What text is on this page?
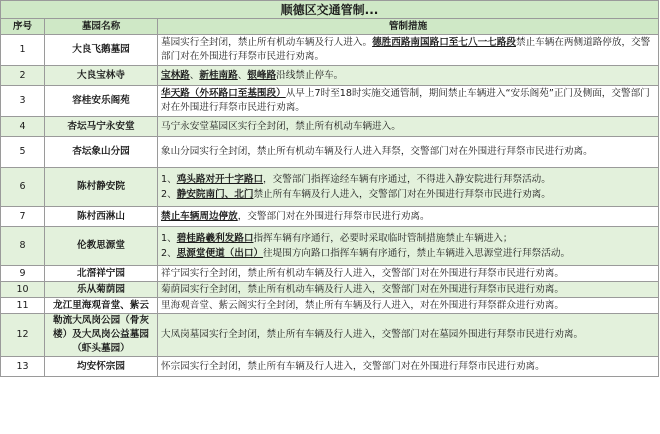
顺德区交通管制...		
序号	墓园名称	管制措施
1	大良飞鹅墓园	墓园实行全封闭，禁止所有机动车辆及行人进入。德胜西路南国路口至七八一七路段禁止车辆在两侧道路停放，交警部门对在外围进行拜祭市民进行劝离。
2	大良宝林寺	宝林路、新桂南路、银峰路沿线禁止停车。
3	容桂安乐阁苑	华天路（外环路口至基围段）从早上7时至18时实施交通管制，期间禁止车辆进入“安乐阁苑”正门及侧面，交警部门对在外围进行拜祭市民进行劝离。
4	杏坛马宁永安堂	马宁永安堂墓园区实行全封闭，禁止所有机动车辆进入。
5	杏坛象山分园	象山分园实行全封闭，禁止所有机动车辆及行人进入拜祭，交警部门对在外围进行拜祭市民进行劝离。
6	陈村静安院	1、鸡头路对开十字路口，交警部门指挥途经车辆有序通过，不得进入静安院进行拜祭活动。
2、静安院南门、北门禁止所有车辆及行人进入，交警部门对在外围进行拜祭市民进行劝离。

7	陈村西淋山	禁止车辆周边停放，交警部门对在外围进行拜祭市民进行劝离。
8	伦教思源堂	1、碧桂路羲利发路口指挥车辆有序通行，必要时采取临时管制措施禁止车辆进入；
2、思源堂便道（出口）往堤围方向路口指挥车辆有序通行，禁止车辆进入思源堂进行拜祭活动。

9	北滘祥宁园	祥宁园实行全封闭，禁止所有机动车辆及行人进入，交警部门对在外围进行拜祭市民进行劝离。
10	乐从菊荫园	菊荫园实行全封闭，禁止所有机动车辆及行人进入，交警部门对在外围进行拜祭市民进行劝离。
11	龙江里海观音堂、紫云	里海观音堂、紫云阁实行全封闭，禁止所有车辆及行人进入，对在外围进行拜祭群众进行劝离。
12	勒流大凤岗公园（骨灰楼）及大凤岗公益墓园（虾头墓园）	大凤岗墓园实行全封闭，禁止所有车辆及行人进入，交警部门对在墓园外围进行拜祭市民进行劝离。
13	均安怀宗园	怀宗园实行全封闭，禁止所有车辆及行人进入，交警部门对在外围进行拜祭市民进行劝离。
